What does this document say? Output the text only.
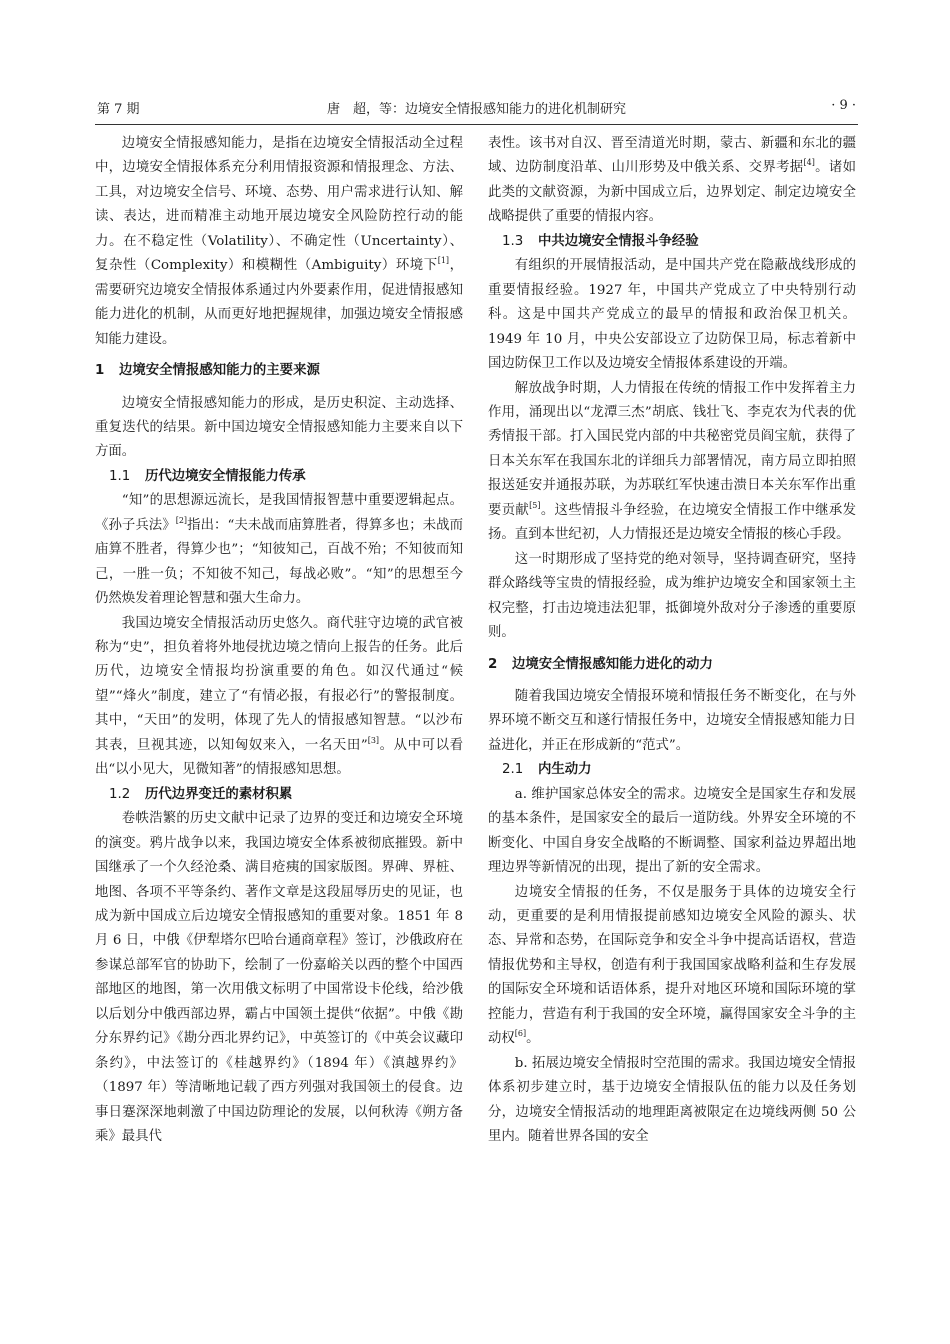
第 7 期	唐　超，等：边境安全情报感知能力的进化机制研究	· 9 ·

边境安全情报感知能力，是指在边境安全情报活动全过程中，边境安全情报体系充分利用情报资源和情报理念、方法、工具，对边境安全信号、环境、态势、用户需求进行认知、解读、表达，进而精准主动地开展边境安全风险防控行动的能力。在不稳定性（Volatility）、不确定性（Uncertainty）、复杂性（Complexity）和模糊性（Ambiguity）环境下[1]，需要研究边境安全情报体系通过内外要素作用，促进情报感知能力进化的机制，从而更好地把握规律，加强边境安全情报感知能力建设。

1 边境安全情报感知能力的主要来源

边境安全情报感知能力的形成，是历史积淀、主动选择、重复迭代的结果。新中国边境安全情报感知能力主要来自以下方面。

1.1 历代边境安全情报能力传承

“知”的思想源远流长，是我国情报智慧中重要逻辑起点。《孙子兵法》[2]指出：“夫未战而庙算胜者，得算多也；未战而庙算不胜者，得算少也”；“知彼知己，百战不殆；不知彼而知己，一胜一负；不知彼不知己，每战必败”。“知”的思想至今仍然焕发着理论智慧和强大生命力。

我国边境安全情报活动历史悠久。商代驻守边境的武官被称为“史”，担负着将外地侵扰边境之情向上报告的任务。此后历代，边境安全情报均扮演重要的角色。如汉代通过“候望”“烽火”制度，建立了“有情必报，有报必行”的警报制度。其中，“天田”的发明，体现了先人的情报感知智慧。“以沙布其表，旦视其迹，以知匈奴来入，一名天田”[3]。从中可以看出“以小见大，见微知著”的情报感知思想。

1.2 历代边界变迁的素材积累

卷帙浩繁的历史文献中记录了边界的变迁和边境安全环境的演变。鸦片战争以来，我国边境安全体系被彻底摧毁。新中国继承了一个久经沧桑、满目疮痍的国家版图。界碑、界桩、地图、各项不平等条约、著作文章是这段屈辱历史的见证，也成为新中国成立后边境安全情报感知的重要对象。1851 年 8 月 6 日，中俄《伊犁塔尔巴哈台通商章程》签订，沙俄政府在参谋总部军官的协助下，绘制了一份嘉峪关以西的整个中国西部地区的地图，第一次用俄文标明了中国常设卡伦线，给沙俄以后划分中俄西部边界，霸占中国领土提供“依据”。中俄《勘分东界约记》《勘分西北界约记》，中英签订的《中英会议藏印条约》，中法签订的《桂越界约》（1894 年）《滇越界约》（1897 年）等清晰地记载了西方列强对我国领土的侵食。边事日蹇深深地刺激了中国边防理论的发展，以何秋涛《朔方备乘》最具代

表性。该书对自汉、晋至清道光时期，蒙古、新疆和东北的疆域、边防制度沿革、山川形势及中俄关系、交界考据[4]。诸如此类的文献资源，为新中国成立后，边界划定、制定边境安全战略提供了重要的情报内容。

1.3 中共边境安全情报斗争经验

有组织的开展情报活动，是中国共产党在隐蔽战线形成的重要情报经验。1927 年，中国共产党成立了中央特别行动科。这是中国共产党成立的最早的情报和政治保卫机关。1949 年 10 月，中央公安部设立了边防保卫局，标志着新中国边防保卫工作以及边境安全情报体系建设的开端。

解放战争时期，人力情报在传统的情报工作中发挥着主力作用，涌现出以“龙潭三杰”胡底、钱壮飞、李克农为代表的优秀情报干部。打入国民党内部的中共秘密党员阎宝航，获得了日本关东军在我国东北的详细兵力部署情况，南方局立即拍照报送延安并通报苏联，为苏联红军快速击溃日本关东军作出重要贡献[5]。这些情报斗争经验，在边境安全情报工作中继承发扬。直到本世纪初，人力情报还是边境安全情报的核心手段。

这一时期形成了坚持党的绝对领导，坚持调查研究，坚持群众路线等宝贵的情报经验，成为维护边境安全和国家领土主权完整，打击边境违法犯罪，抵御境外敌对分子渗透的重要原则。

2 边境安全情报感知能力进化的动力

随着我国边境安全情报环境和情报任务不断变化，在与外界环境不断交互和遂行情报任务中，边境安全情报感知能力日益进化，并正在形成新的“范式”。

2.1 内生动力

a. 维护国家总体安全的需求。边境安全是国家生存和发展的基本条件，是国家安全的最后一道防线。外界安全环境的不断变化、中国自身安全战略的不断调整、国家利益边界超出地理边界等新情况的出现，提出了新的安全需求。

边境安全情报的任务，不仅是服务于具体的边境安全行动，更重要的是利用情报提前感知边境安全风险的源头、状态、异常和态势，在国际竞争和安全斗争中提高话语权，营造情报优势和主导权，创造有利于我国国家战略利益和生存发展的国际安全环境和话语体系，提升对地区环境和国际环境的掌控能力，营造有利于我国的安全环境，赢得国家安全斗争的主动权[6]。

b. 拓展边境安全情报时空范围的需求。我国边境安全情报体系初步建立时，基于边境安全情报队伍的能力以及任务划分，边境安全情报活动的地理距离被限定在边境线两侧 50 公里内。随着世界各国的安全
